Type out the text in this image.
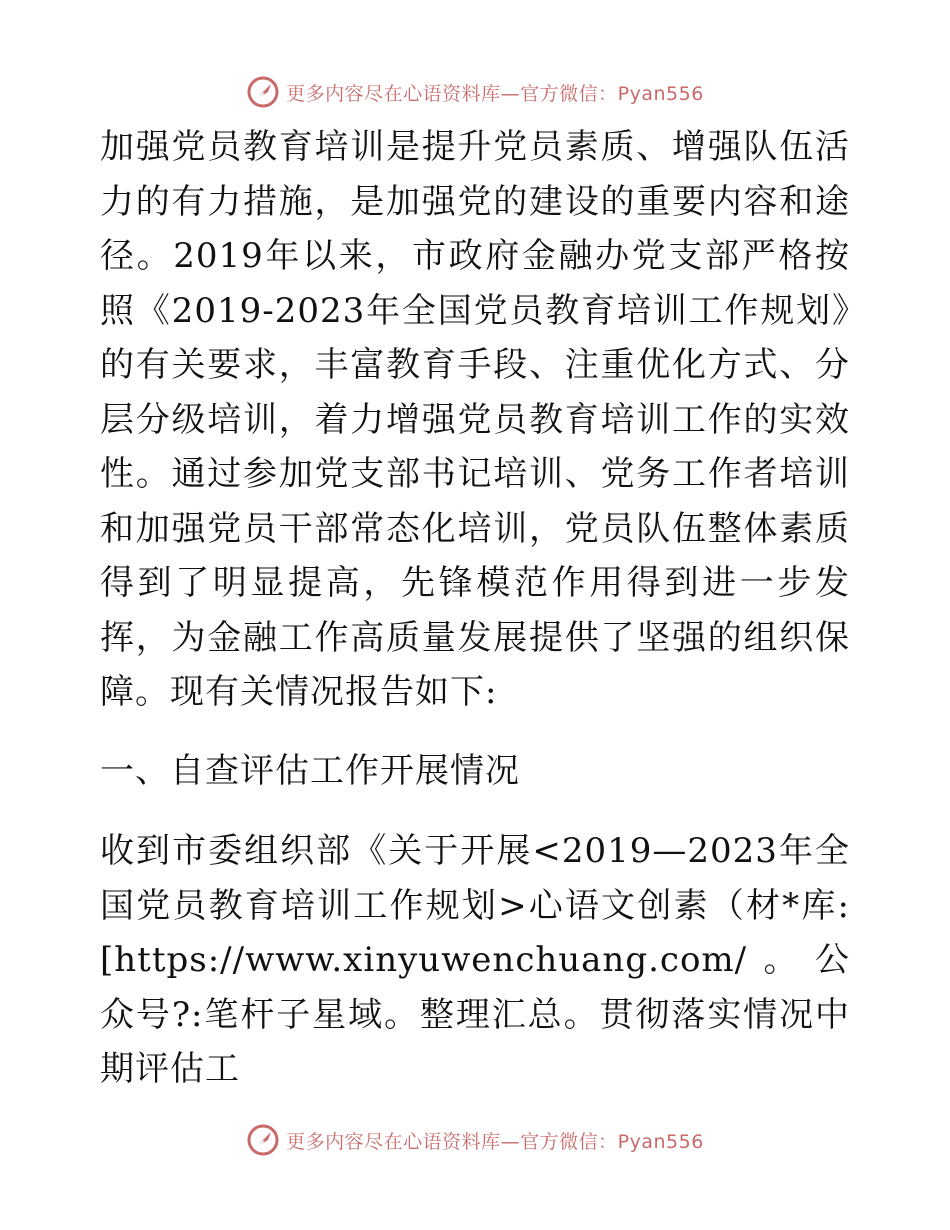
更多内容尽在心语资料库—官方微信：Pyan556

加强党员教育培训是提升党员素质、增强队伍活力的有力措施，是加强党的建设的重要内容和途径。2019年以来，市政府金融办党支部严格按照《2019-2023年全国党员教育培训工作规划》的有关要求，丰富教育手段、注重优化方式、分层分级培训，着力增强党员教育培训工作的实效性。通过参加党支部书记培训、党务工作者培训和加强党员干部常态化培训，党员队伍整体素质得到了明显提高，先锋模范作用得到进一步发挥，为金融工作高质量发展提供了坚强的组织保障。现有关情况报告如下:

一、自查评估工作开展情况

收到市委组织部《关于开展<2019—2023年全国党员教育培训工作规划>心语文创素（材*库:[https://www.xinyuwenchuang.com/。公众号?:笔杆子星域。整理汇总。贯彻落实情况中期评估工

更多内容尽在心语资料库—官方微信：Pyan556
